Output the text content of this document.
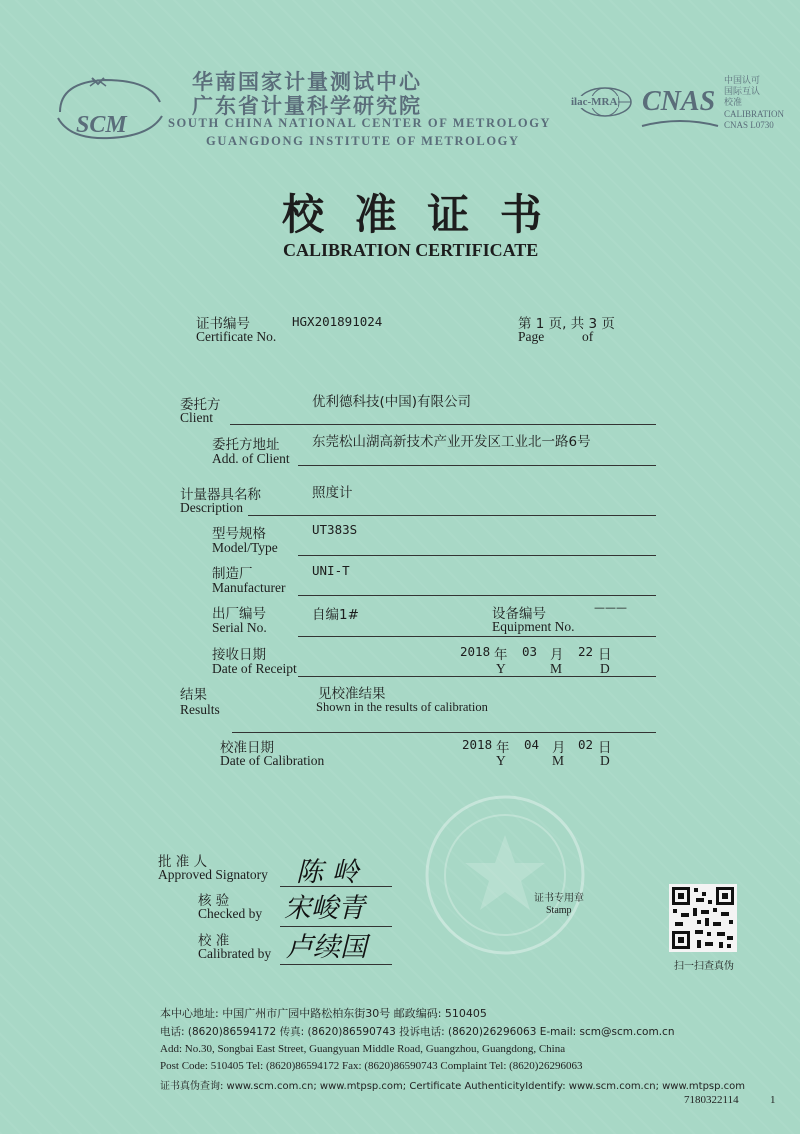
SCM
华南国家计量测试中心
广东省计量科学研究院
SOUTH CHINA NATIONAL CENTER OF METROLOGY
GUANGDONG INSTITUTE OF METROLOGY
ilac-MRA CNAS
中国认可
国际互认
校准
CALIBRATION
CNAS L0730
校 准 证 书
CALIBRATION CERTIFICATE
证书编号
Certificate No.
HGX201891024	第 1 页, 共 3 页
Page	of
委托方
Client
优利德科技(中国)有限公司
委托方地址
Add. of Client
东莞松山湖高新技术产业开发区工业北一路6号
计量器具名称
Description
照度计
型号规格
Model/Type
UT383S
制造厂
Manufacturer
UNI-T
出厂编号
Serial No.
自编1#	设备编号
Equipment No.
———
接收日期
Date of Receipt
2018 年 03 月 22 日
Y	M	D
结果
Results
见校准结果
Shown in the results of calibration
校准日期
Date of Calibration
2018 年 04 月 02 日
Y	M	D
批 准 人
Approved Signatory 陈 岭
核 验
Checked by 宋峻青
校 准
Calibrated by 卢续国
证书专用章
Stamp
扫一扫查真伪
本中心地址: 中国广州市广园中路松柏东街30号 邮政编码: 510405
电话: (8620)86594172 传真: (8620)86590743 投诉电话: (8620)26296063 E-mail: scm@scm.com.cn
Add: No.30, Songbai East Street, Guangyuan Middle Road, Guangzhou, Guangdong, China
Post Code: 510405 Tel: (8620)86594172 Fax: (8620)86590743 Complaint Tel: (8620)26296063
证书真伪查询: www.scm.com.cn; www.mtpsp.com; Certificate AuthenticityIdentify: www.scm.com.cn; www.mtpsp.com
7180322114	1
